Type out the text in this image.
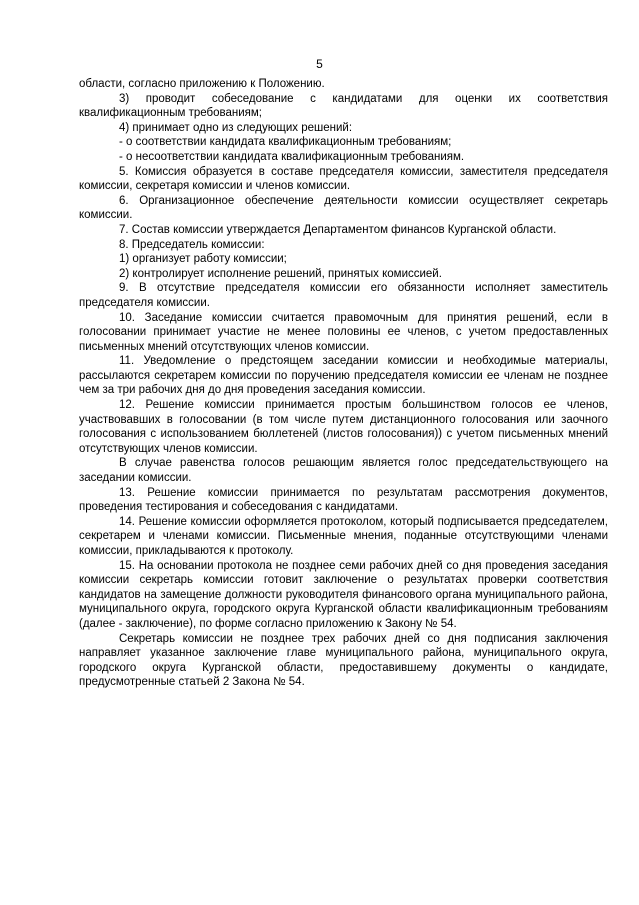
5

области, согласно приложению к Положению.

3) проводит собеседование с кандидатами для оценки их соответствия квалификационным требованиям;

4) принимает одно из следующих решений:

- о соответствии кандидата квалификационным требованиям;

- о несоответствии кандидата квалификационным требованиям.

5. Комиссия образуется в составе председателя комиссии, заместителя председателя комиссии, секретаря комиссии и членов комиссии.

6. Организационное обеспечение деятельности комиссии осуществляет секретарь комиссии.

7. Состав комиссии утверждается Департаментом финансов Курганской области.

8. Председатель комиссии:

1) организует работу комиссии;

2) контролирует исполнение решений, принятых комиссией.

9. В отсутствие председателя комиссии его обязанности исполняет заместитель председателя комиссии.

10. Заседание комиссии считается правомочным для принятия решений, если в голосовании принимает участие не менее половины ее членов, с учетом предоставленных письменных мнений отсутствующих членов комиссии.

11. Уведомление о предстоящем заседании комиссии и необходимые материалы, рассылаются секретарем комиссии по поручению председателя комиссии ее членам не позднее чем за три рабочих дня до дня проведения заседания комиссии.

12. Решение комиссии принимается простым большинством голосов ее членов, участвовавших в голосовании (в том числе путем дистанционного голосования или заочного голосования с использованием бюллетеней (листов голосования)) с учетом письменных мнений отсутствующих членов комиссии.

В случае равенства голосов решающим является голос председательствующего на заседании комиссии.

13. Решение комиссии принимается по результатам рассмотрения документов, проведения тестирования и собеседования с кандидатами.

14. Решение комиссии оформляется протоколом, который подписывается председателем, секретарем и членами комиссии. Письменные мнения, поданные отсутствующими членами комиссии, прикладываются к протоколу.

15. На основании протокола не позднее семи рабочих дней со дня проведения заседания комиссии секретарь комиссии готовит заключение о результатах проверки соответствия кандидатов на замещение должности руководителя финансового органа муниципального района, муниципального округа, городского округа Курганской области квалификационным требованиям (далее - заключение), по форме согласно приложению к Закону № 54.

Секретарь комиссии не позднее трех рабочих дней со дня подписания заключения направляет указанное заключение главе муниципального района, муниципального округа, городского округа Курганской области, предоставившему документы о кандидате, предусмотренные статьей 2 Закона № 54.
